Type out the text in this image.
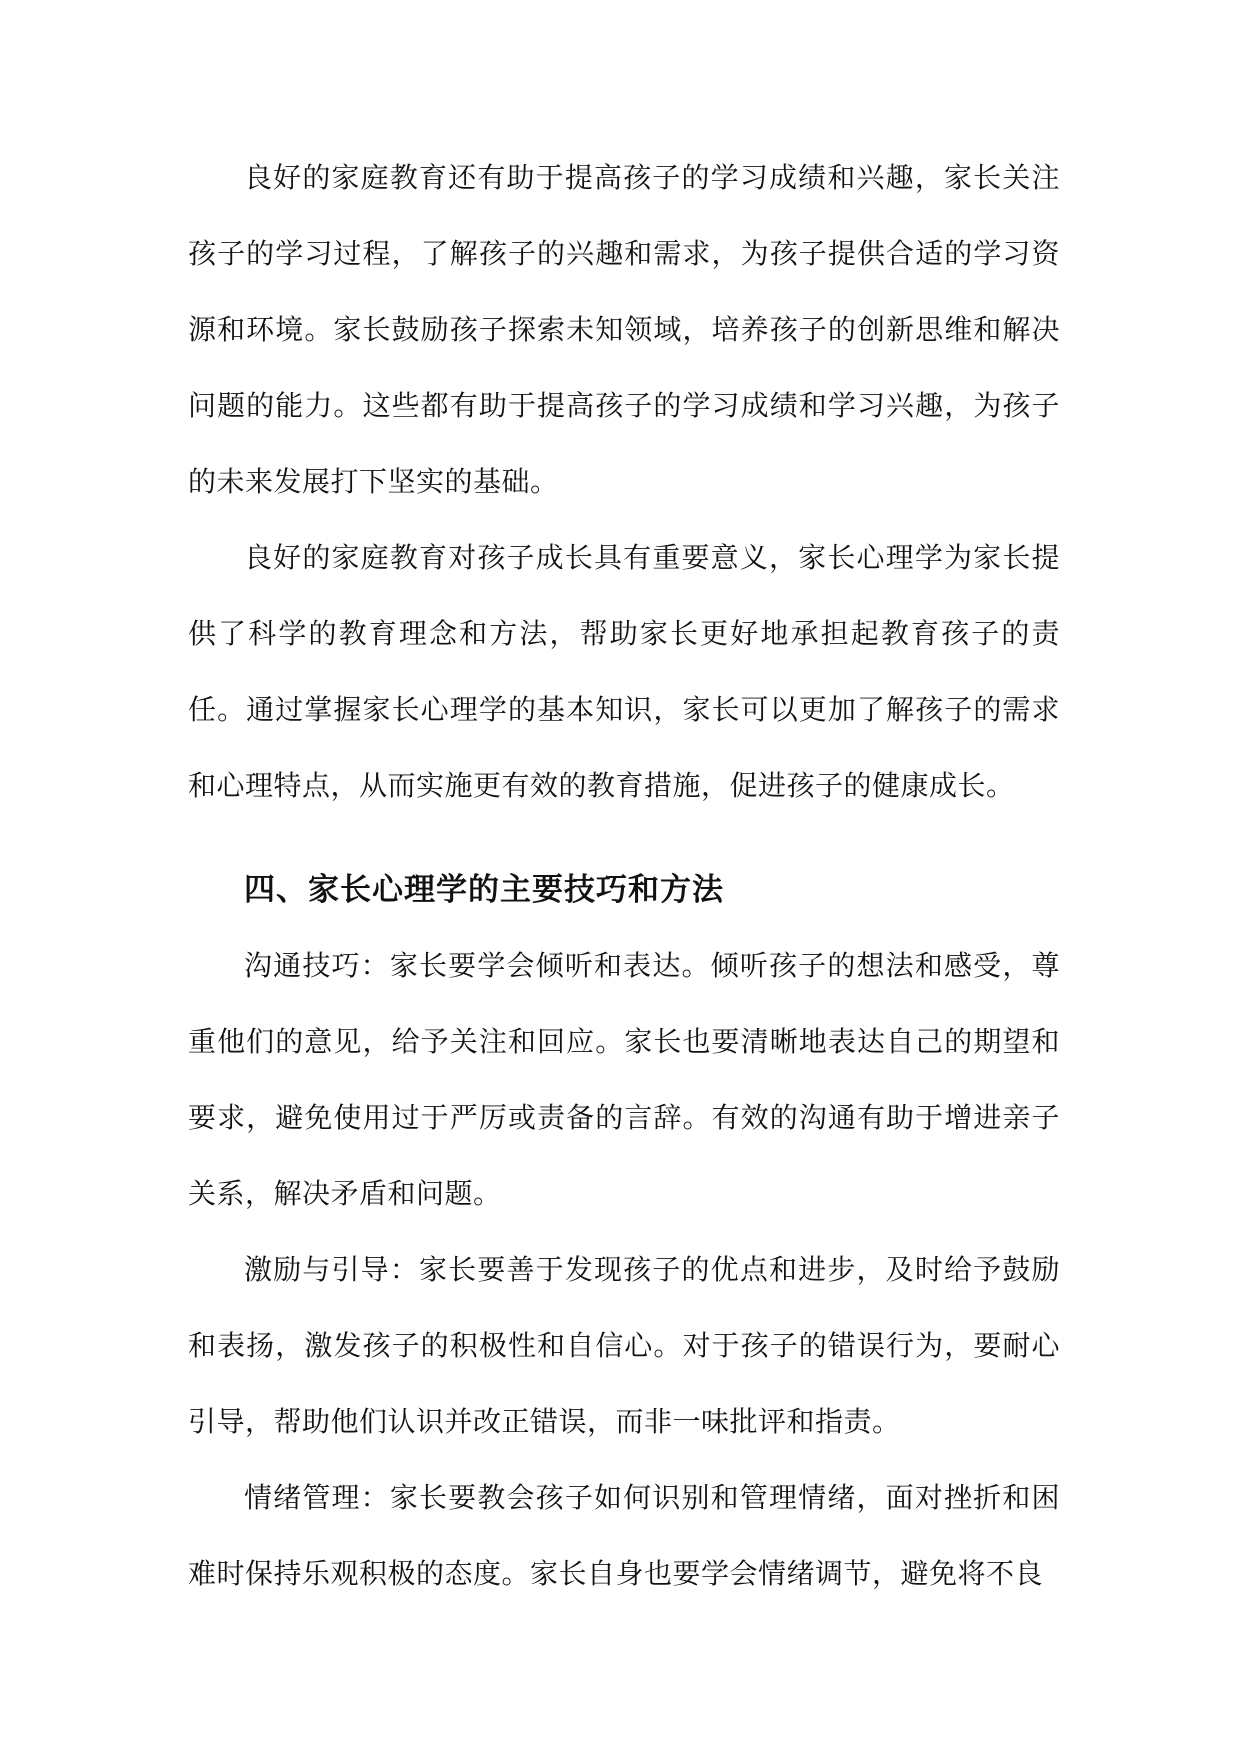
良好的家庭教育还有助于提高孩子的学习成绩和兴趣，家长关注孩子的学习过程，了解孩子的兴趣和需求，为孩子提供合适的学习资源和环境。家长鼓励孩子探索未知领域，培养孩子的创新思维和解决问题的能力。这些都有助于提高孩子的学习成绩和学习兴趣，为孩子的未来发展打下坚实的基础。

良好的家庭教育对孩子成长具有重要意义，家长心理学为家长提供了科学的教育理念和方法，帮助家长更好地承担起教育孩子的责任。通过掌握家长心理学的基本知识，家长可以更加了解孩子的需求和心理特点，从而实施更有效的教育措施，促进孩子的健康成长。

四、家长心理学的主要技巧和方法

沟通技巧：家长要学会倾听和表达。倾听孩子的想法和感受，尊重他们的意见，给予关注和回应。家长也要清晰地表达自己的期望和要求，避免使用过于严厉或责备的言辞。有效的沟通有助于增进亲子关系，解决矛盾和问题。

激励与引导：家长要善于发现孩子的优点和进步，及时给予鼓励和表扬，激发孩子的积极性和自信心。对于孩子的错误行为，要耐心引导，帮助他们认识并改正错误，而非一味批评和指责。

情绪管理：家长要教会孩子如何识别和管理情绪，面对挫折和困难时保持乐观积极的态度。家长自身也要学会情绪调节，避免将不良
